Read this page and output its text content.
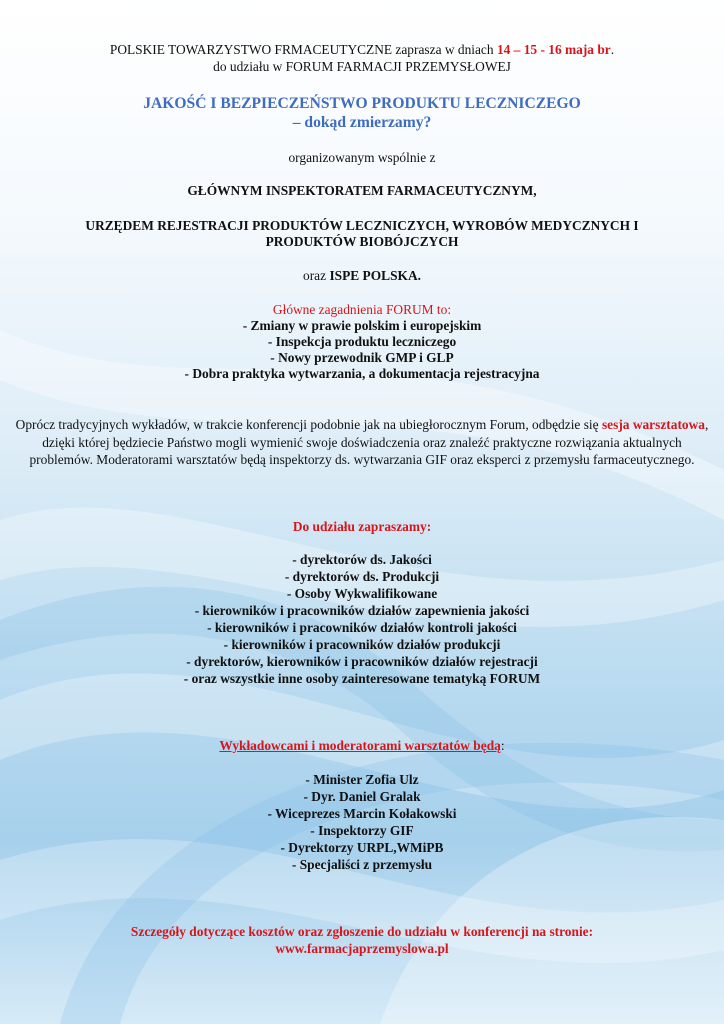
POLSKIE TOWARZYSTWO FRMACEUTYCZNE zaprasza w dniach 14 – 15 - 16 maja br.
do udziału w FORUM FARMACJI PRZEMYSŁOWEJ
JAKOŚĆ I BEZPIECZEŃSTWO PRODUKTU LECZNICZEGO
– dokąd zmierzamy?
organizowanym wspólnie z
GŁÓWNYM INSPEKTORATEM FARMACEUTYCZNYM,
URZĘDEM REJESTRACJI PRODUKTÓW LECZNICZYCH, WYROBÓW MEDYCZNYCH I
PRODUKTÓW BIOBÓJCZYCH
oraz ISPE POLSKA.
Główne zagadnienia FORUM to:
- Zmiany w prawie polskim i europejskim
- Inspekcja produktu leczniczego
- Nowy przewodnik GMP i GLP
- Dobra praktyka wytwarzania, a dokumentacja rejestracyjna
Oprócz tradycyjnych wykładów, w trakcie konferencji podobnie jak na ubiegłorocznym Forum, odbędzie się sesja warsztatowa, dzięki której będziecie Państwo mogli wymienić swoje doświadczenia oraz znaleźć praktyczne rozwiązania aktualnych problemów. Moderatorami warsztatów będą inspektorzy ds. wytwarzania GIF oraz eksperci z przemysłu farmaceutycznego.
Do udziału zapraszamy:
- dyrektorów ds. Jakości
- dyrektorów ds. Produkcji
- Osoby Wykwalifikowane
- kierowników i pracowników działów zapewnienia jakości
- kierowników i pracowników działów kontroli jakości
- kierowników i pracowników działów produkcji
- dyrektorów, kierowników i pracowników działów rejestracji
- oraz wszystkie inne osoby zainteresowane tematyką FORUM
Wykładowcami i moderatorami warsztatów będą:
- Minister Zofia Ulz
- Dyr. Daniel Gralak
- Wiceprezes Marcin Kołakowski
- Inspektorzy GIF
- Dyrektorzy URPL,WMiPB
- Specjaliści z przemysłu
Szczegóły dotyczące kosztów oraz zgłoszenie do udziału w konferencji na stronie:
www.farmacjaprzemyslowa.pl
